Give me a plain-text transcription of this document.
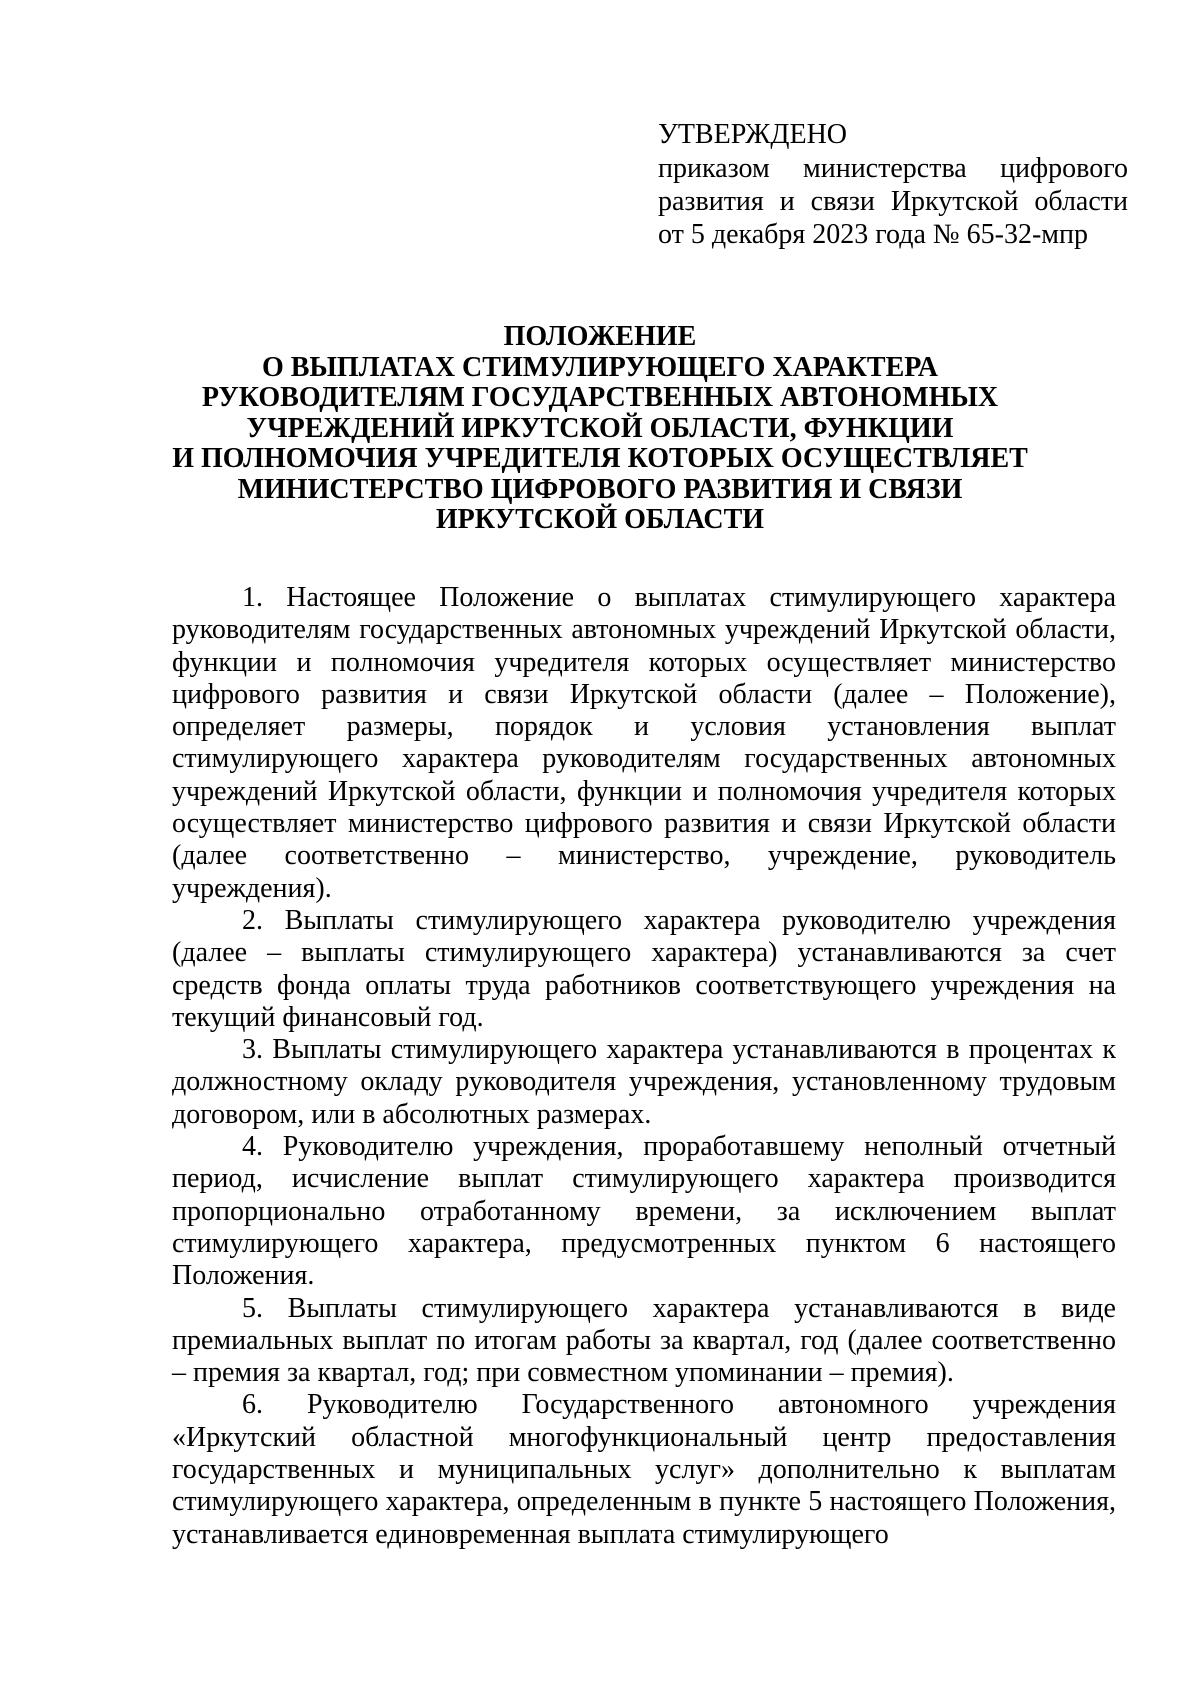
УТВЕРЖДЕНО
приказом министерства цифрового
развития и связи Иркутской области
от 5 декабря 2023 года № 65-32-мпр
ПОЛОЖЕНИЕ
О ВЫПЛАТАХ СТИМУЛИРУЮЩЕГО ХАРАКТЕРА
РУКОВОДИТЕЛЯМ ГОСУДАРСТВЕННЫХ АВТОНОМНЫХ
УЧРЕЖДЕНИЙ ИРКУТСКОЙ ОБЛАСТИ, ФУНКЦИИ
И ПОЛНОМОЧИЯ УЧРЕДИТЕЛЯ КОТОРЫХ ОСУЩЕСТВЛЯЕТ
МИНИСТЕРСТВО ЦИФРОВОГО РАЗВИТИЯ И СВЯЗИ
ИРКУТСКОЙ ОБЛАСТИ

1. Настоящее Положение о выплатах стимулирующего характера руководителям государственных автономных учреждений Иркутской области, функции и полномочия учредителя которых осуществляет министерство цифрового развития и связи Иркутской области (далее – Положение), определяет размеры, порядок и условия установления выплат стимулирующего характера руководителям государственных автономных учреждений Иркутской области, функции и полномочия учредителя которых осуществляет министерство цифрового развития и связи Иркутской области (далее соответственно – министерство, учреждение, руководитель учреждения).

2. Выплаты стимулирующего характера руководителю учреждения (далее – выплаты стимулирующего характера) устанавливаются за счет средств фонда оплаты труда работников соответствующего учреждения на текущий финансовый год.

3. Выплаты стимулирующего характера устанавливаются в процентах к должностному окладу руководителя учреждения, установленному трудовым договором, или в абсолютных размерах.

4. Руководителю учреждения, проработавшему неполный отчетный период, исчисление выплат стимулирующего характера производится пропорционально отработанному времени, за исключением выплат стимулирующего характера, предусмотренных пунктом 6 настоящего Положения.

5. Выплаты стимулирующего характера устанавливаются в виде премиальных выплат по итогам работы за квартал, год (далее соответственно – премия за квартал, год; при совместном упоминании – премия).

6. Руководителю Государственного автономного учреждения «Иркутский областной многофункциональный центр предоставления государственных и муниципальных услуг» дополнительно к выплатам стимулирующего характера, определенным в пункте 5 настоящего Положения, устанавливается единовременная выплата стимулирующего
